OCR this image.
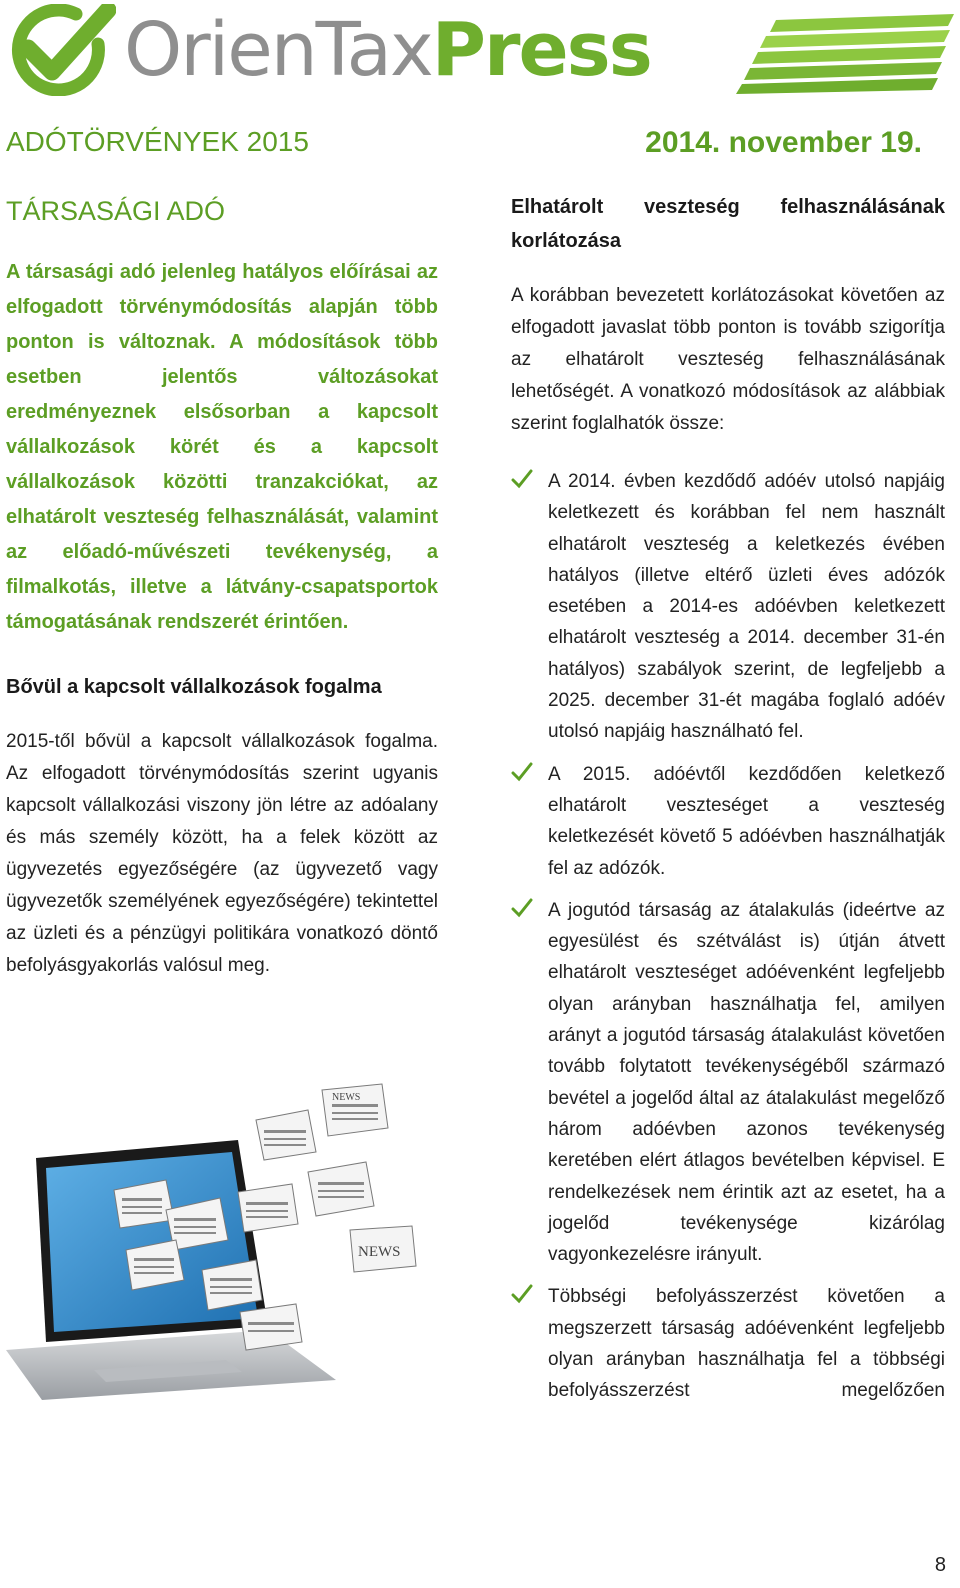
OrienTaxPress
ADÓTÖRVÉNYEK 2015	2014. november 19.
TÁRSASÁGI ADÓ

A társasági adó jelenleg hatályos előírásai az elfogadott törvénymódosítás alapján több ponton is változnak. A módosítások több esetben jelentős változásokat eredményeznek elsősorban a kapcsolt vállalkozások körét és a kapcsolt vállalkozások közötti tranzakciókat, az elhatárolt veszteség felhasználását, valamint az előadó-művészeti tevékenység, a filmalkotás, illetve a látvány-csapatsportok támogatásának rendszerét érintően.

Bővül a kapcsolt vállalkozások fogalma

2015-től bővül a kapcsolt vállalkozások fogalma. Az elfogadott törvénymódosítás szerint ugyanis kapcsolt vállalkozási viszony jön létre az adóalany és más személy között, ha a felek között az ügyvezetés egyezőségére (az ügyvezető vagy ügyvezetők személyének egyezőségére) tekintettel az üzleti és a pénzügyi politikára vonatkozó döntő befolyásgyakorlás valósul meg.

NEWS
NEWS

Elhatárolt veszteség felhasználásának korlátozása

A korábban bevezetett korlátozásokat követően az elfogadott javaslat több ponton is tovább szigorítja az elhatárolt veszteség felhasználásának lehetőségét. A vonatkozó módosítások az alábbiak szerint foglalhatók össze:

A 2014. évben kezdődő adóév utolsó napjáig keletkezett és korábban fel nem használt elhatárolt veszteség a keletkezés évében hatályos (illetve eltérő üzleti éves adózók esetében a 2014-es adóévben keletkezett elhatárolt veszteség a 2014. december 31-én hatályos) szabályok szerint, de legfeljebb a 2025. december 31-ét magába foglaló adóév utolsó napjáig használható fel.
A 2015. adóévtől kezdődően keletkező elhatárolt veszteséget a veszteség keletkezését követő 5 adóévben használhatják fel az adózók.
A jogutód társaság az átalakulás (ideértve az egyesülést és szétválást is) útján átvett elhatárolt veszteséget adóévenként legfeljebb olyan arányban használhatja fel, amilyen arányt a jogutód társaság átalakulást követően tovább folytatott tevékenységéből származó bevétel a jogelőd által az átalakulást megelőző három adóévben azonos tevékenység keretében elért átlagos bevételben képvisel. E rendelkezések nem érintik azt az esetet, ha a jogelőd tevékenysége kizárólag vagyonkezelésre irányult.
Többségi befolyásszerzést követően a megszerzett társaság adóévenként legfeljebb olyan arányban használhatja fel a többségi befolyásszerzést megelőzően
8
